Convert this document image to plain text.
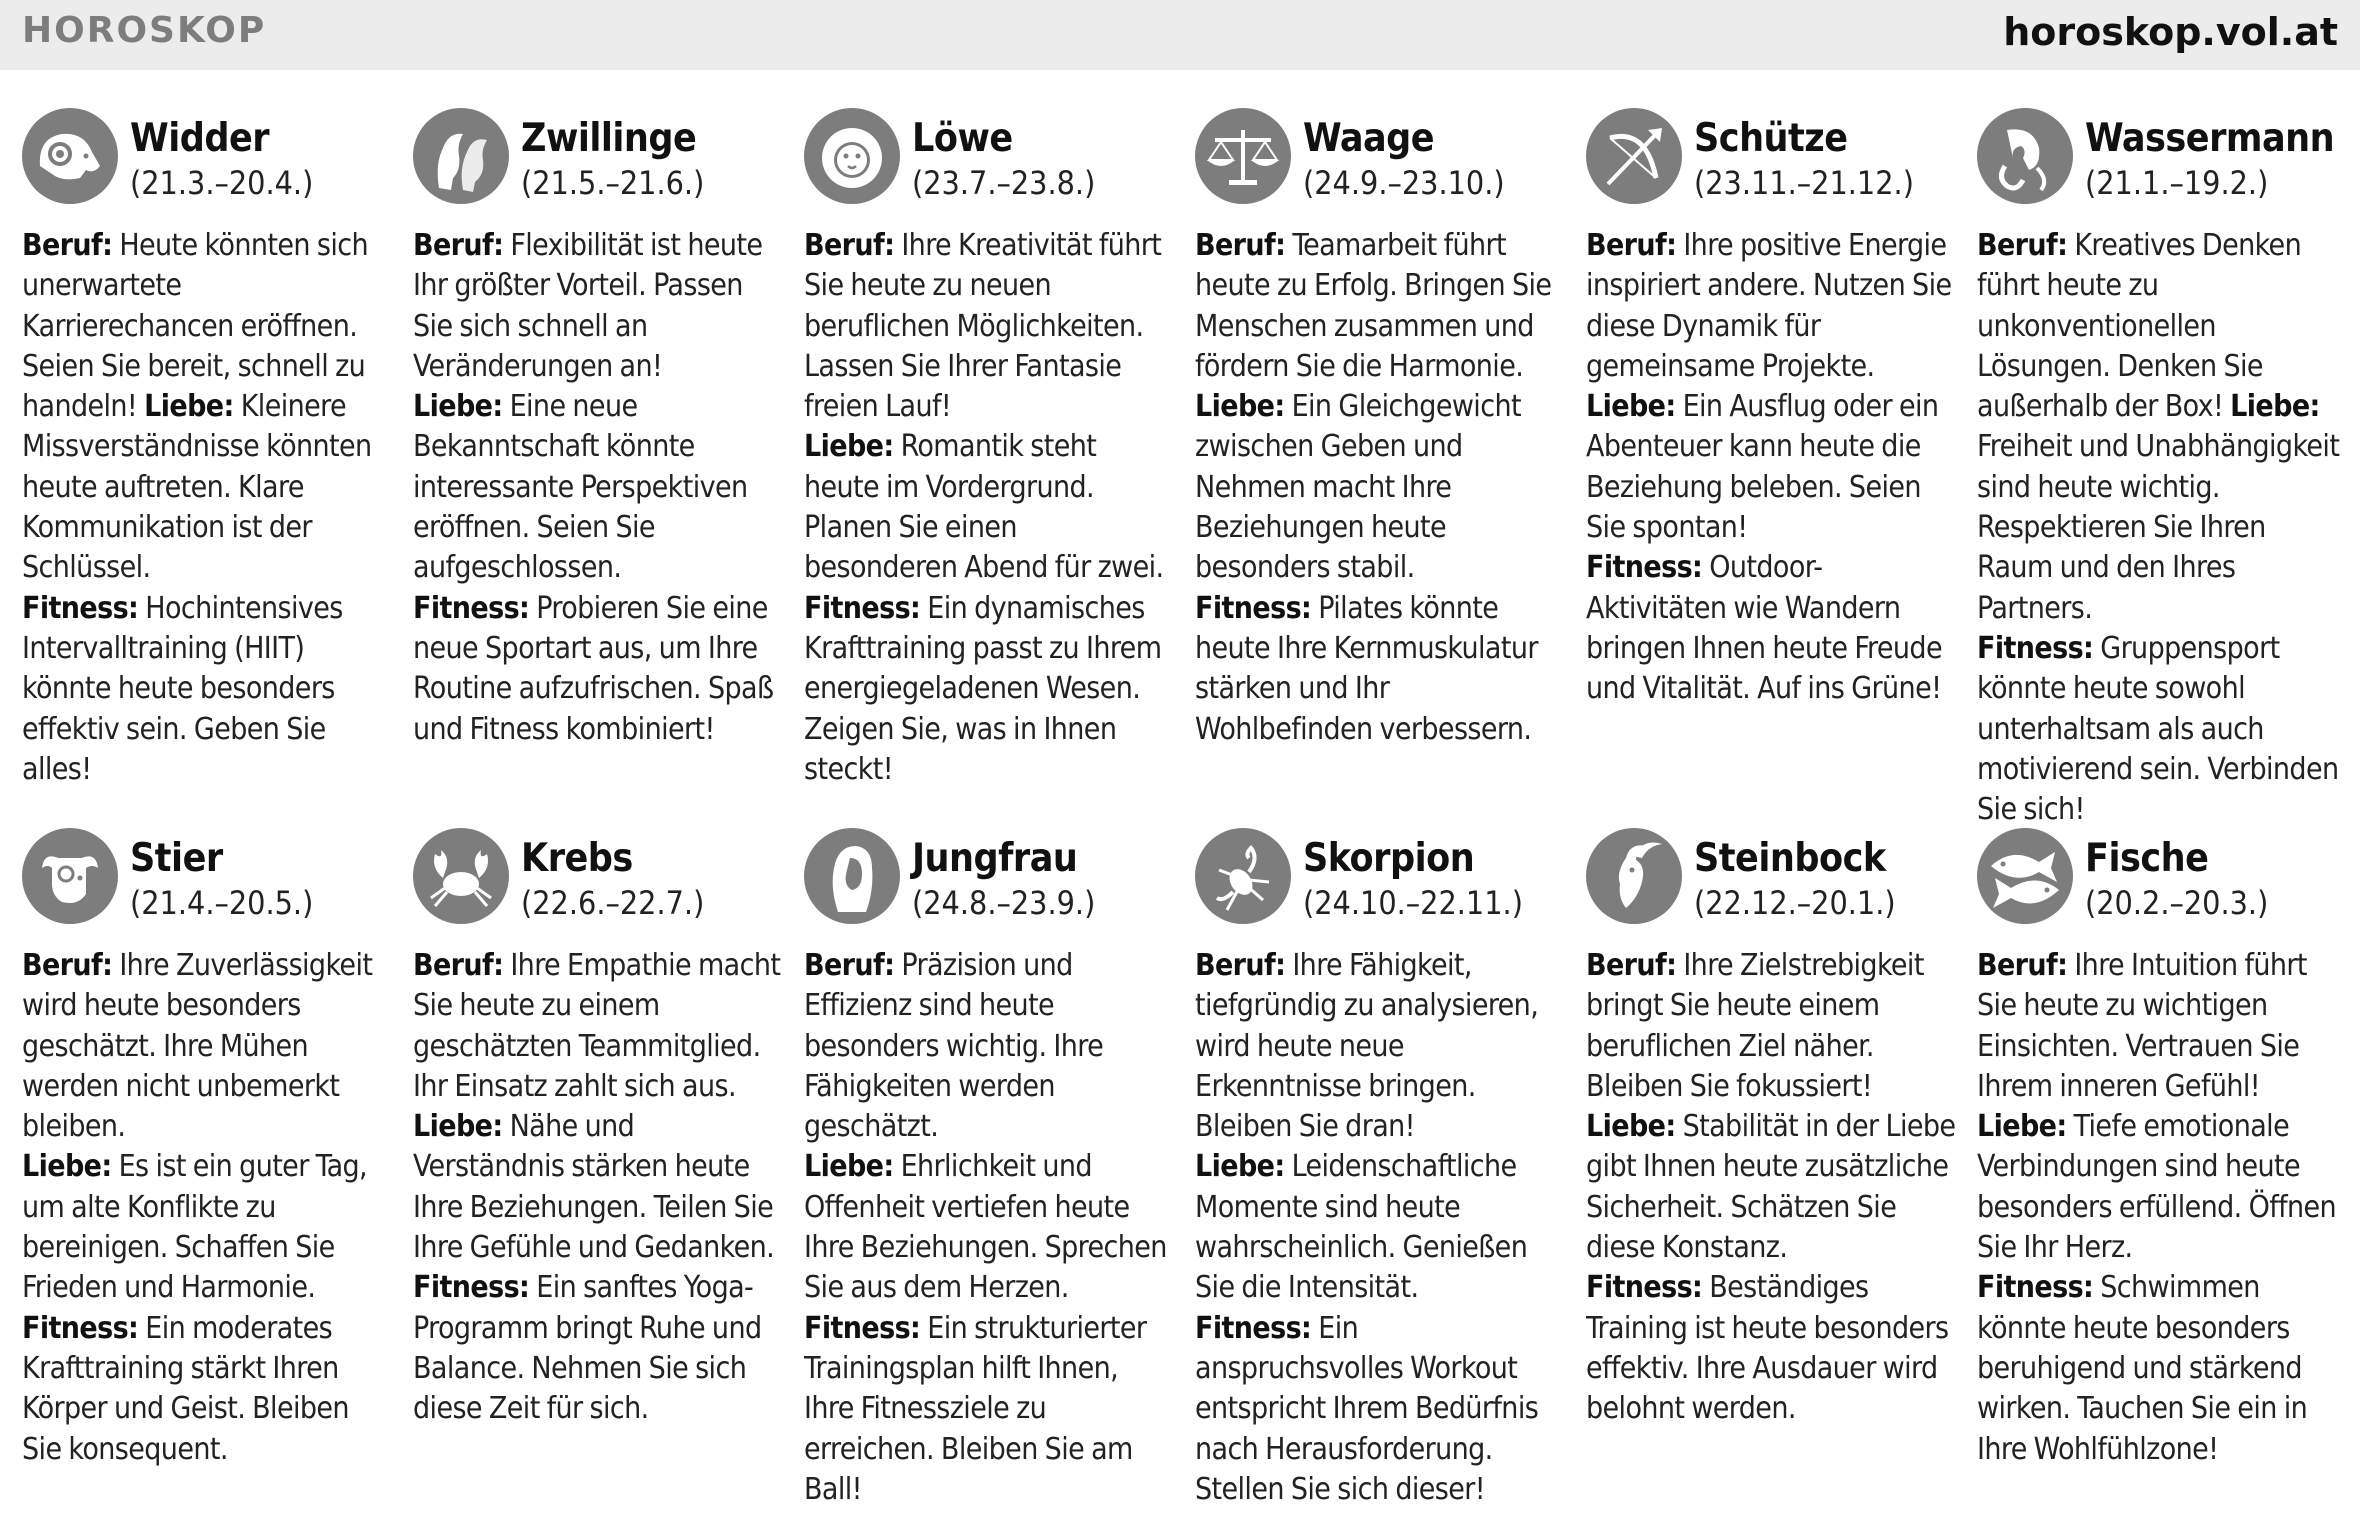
HOROSKOP	horoskop.vol.at
Widder
(21.3.–20.4.)
Beruf: Heute könnten sich unerwartete Karrierechancen eröffnen. Seien Sie bereit, schnell zu handeln! Liebe: Kleinere Missverständnisse könnten heute auftreten. Klare Kommunikation ist der Schlüssel.
Fitness: Hochintensives Intervalltraining (HIIT) könnte heute besonders effektiv sein. Geben Sie alles!
Zwillinge
(21.5.–21.6.)
Beruf: Flexibilität ist heute Ihr größter Vorteil. Passen Sie sich schnell an Veränderungen an!
Liebe: Eine neue Bekanntschaft könnte interessante Perspektiven eröffnen. Seien Sie aufgeschlossen.
Fitness: Probieren Sie eine neue Sportart aus, um Ihre Routine aufzufrischen. Spaß und Fitness kombiniert!
Löwe
(23.7.–23.8.)
Beruf: Ihre Kreativität führt Sie heute zu neuen beruflichen Möglichkeiten. Lassen Sie Ihrer Fantasie freien Lauf!
Liebe: Romantik steht heute im Vordergrund. Planen Sie einen besonderen Abend für zwei.
Fitness: Ein dynamisches Krafttraining passt zu Ihrem energiegeladenen Wesen. Zeigen Sie, was in Ihnen steckt!
Waage
(24.9.–23.10.)
Beruf: Teamarbeit führt heute zu Erfolg. Bringen Sie Menschen zusammen und fördern Sie die Harmonie.
Liebe: Ein Gleichgewicht zwischen Geben und Nehmen macht Ihre Beziehungen heute besonders stabil.
Fitness: Pilates könnte heute Ihre Kernmuskulatur stärken und Ihr Wohlbefinden verbessern.
Schütze
(23.11.–21.12.)
Beruf: Ihre positive Energie inspiriert andere. Nutzen Sie diese Dynamik für gemeinsame Projekte.
Liebe: Ein Ausflug oder ein Abenteuer kann heute die Beziehung beleben. Seien Sie spontan!
Fitness: Outdoor-Aktivitäten wie Wandern bringen Ihnen heute Freude und Vitalität. Auf ins Grüne!
Wassermann
(21.1.–19.2.)
Beruf: Kreatives Denken führt heute zu unkonventionellen Lösungen. Denken Sie außerhalb der Box! Liebe: Freiheit und Unabhängigkeit sind heute wichtig. Respektieren Sie Ihren Raum und den Ihres Partners.
Fitness: Gruppensport könnte heute sowohl unterhaltsam als auch motivierend sein. Verbinden Sie sich!
Stier
(21.4.–20.5.)
Beruf: Ihre Zuverlässigkeit wird heute besonders geschätzt. Ihre Mühen werden nicht unbemerkt bleiben.
Liebe: Es ist ein guter Tag, um alte Konflikte zu bereinigen. Schaffen Sie Frieden und Harmonie.
Fitness: Ein moderates Krafttraining stärkt Ihren Körper und Geist. Bleiben Sie konsequent.
Krebs
(22.6.–22.7.)
Beruf: Ihre Empathie macht Sie heute zu einem geschätzten Teammitglied. Ihr Einsatz zahlt sich aus.
Liebe: Nähe und Verständnis stärken heute Ihre Beziehungen. Teilen Sie Ihre Gefühle und Gedanken.
Fitness: Ein sanftes Yoga-Programm bringt Ruhe und Balance. Nehmen Sie sich diese Zeit für sich.
Jungfrau
(24.8.–23.9.)
Beruf: Präzision und Effizienz sind heute besonders wichtig. Ihre Fähigkeiten werden geschätzt.
Liebe: Ehrlichkeit und Offenheit vertiefen heute Ihre Beziehungen. Sprechen Sie aus dem Herzen.
Fitness: Ein strukturierter Trainingsplan hilft Ihnen, Ihre Fitnessziele zu erreichen. Bleiben Sie am Ball!
Skorpion
(24.10.–22.11.)
Beruf: Ihre Fähigkeit, tiefgründig zu analysieren, wird heute neue Erkenntnisse bringen. Bleiben Sie dran!
Liebe: Leidenschaftliche Momente sind heute wahrscheinlich. Genießen Sie die Intensität.
Fitness: Ein anspruchsvolles Workout entspricht Ihrem Bedürfnis nach Herausforderung. Stellen Sie sich dieser!
Steinbock
(22.12.–20.1.)
Beruf: Ihre Zielstrebigkeit bringt Sie heute einem beruflichen Ziel näher. Bleiben Sie fokussiert!
Liebe: Stabilität in der Liebe gibt Ihnen heute zusätzliche Sicherheit. Schätzen Sie diese Konstanz.
Fitness: Beständiges Training ist heute besonders effektiv. Ihre Ausdauer wird belohnt werden.
Fische
(20.2.–20.3.)
Beruf: Ihre Intuition führt Sie heute zu wichtigen Einsichten. Vertrauen Sie Ihrem inneren Gefühl!
Liebe: Tiefe emotionale Verbindungen sind heute besonders erfüllend. Öffnen Sie Ihr Herz.
Fitness: Schwimmen könnte heute besonders beruhigend und stärkend wirken. Tauchen Sie ein in Ihre Wohlfühlzone!
